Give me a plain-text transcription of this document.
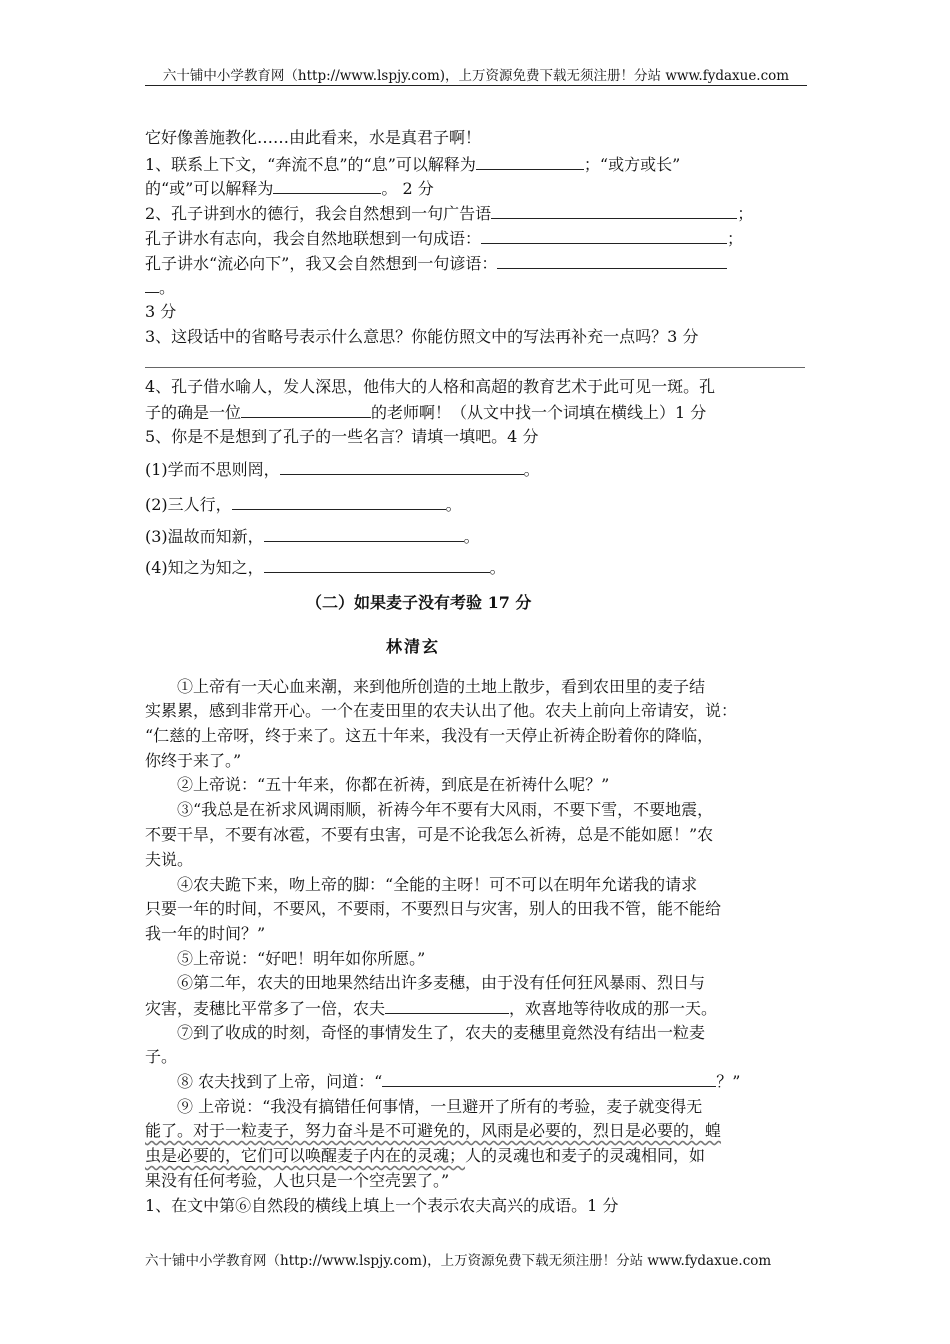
六十铺中小学教育网（http://www.lspjy.com)，上万资源免费下载无须注册！分站 www.fydaxue.com
它好像善施教化……由此看来，水是真君子啊！
1、联系上下文，“奔流不息”的“息”可以解释为	；“或方或长”
的“或”可以解释为	。 2 分
2、孔子讲到水的德行，我会自然想到一句广告语	；
孔子讲水有志向，我会自然地联想到一句成语：	；
孔子讲水“流必向下”，我又会自然想到一句谚语：
。
3 分
3、这段话中的省略号表示什么意思？你能仿照文中的写法再补充一点吗？3 分
4、孔子借水喻人，发人深思，他伟大的人格和高超的教育艺术于此可见一斑。孔
子的确是一位	的老师啊！（从文中找一个词填在横线上）1 分
5、你是不是想到了孔子的一些名言？请填一填吧。4 分
(1)学而不思则罔，	。
(2)三人行，	。
(3)温故而知新，	。
(4)知之为知之，	。
（二）如果麦子没有考验 17 分
林清玄
①上帝有一天心血来潮，来到他所创造的土地上散步，看到农田里的麦子结
实累累，感到非常开心。一个在麦田里的农夫认出了他。农夫上前向上帝请安，说：
“仁慈的上帝呀，终于来了。这五十年来，我没有一天停止祈祷企盼着你的降临，
你终于来了。”
②上帝说：“五十年来，你都在祈祷，到底是在祈祷什么呢？”
③“我总是在祈求风调雨顺，祈祷今年不要有大风雨，不要下雪，不要地震，
不要干旱，不要有冰雹，不要有虫害，可是不论我怎么祈祷，总是不能如愿！”农
夫说。
④农夫跪下来，吻上帝的脚：“全能的主呀！可不可以在明年允诺我的请求
只要一年的时间，不要风，不要雨，不要烈日与灾害，别人的田我不管，能不能给
我一年的时间？”
⑤上帝说：“好吧！明年如你所愿。”
⑥第二年，农夫的田地果然结出许多麦穗，由于没有任何狂风暴雨、烈日与
灾害，麦穗比平常多了一倍，农夫	，欢喜地等待收成的那一天。
⑦到了收成的时刻，奇怪的事情发生了，农夫的麦穗里竟然没有结出一粒麦
子。
⑧ 农夫找到了上帝，问道：“	？”
⑨ 上帝说：“我没有搞错任何事情，一旦避开了所有的考验，麦子就变得无
能了。对于一粒麦子，努力奋斗是不可避免的，风雨是必要的，烈日是必要的，蝗
虫是必要的，它们可以唤醒麦子内在的灵魂；人的灵魂也和麦子的灵魂相同，如
果没有任何考验，人也只是一个空壳罢了。”
1、在文中第⑥自然段的横线上填上一个表示农夫高兴的成语。1 分
六十铺中小学教育网（http://www.lspjy.com)，上万资源免费下载无须注册！分站 www.fydaxue.com
